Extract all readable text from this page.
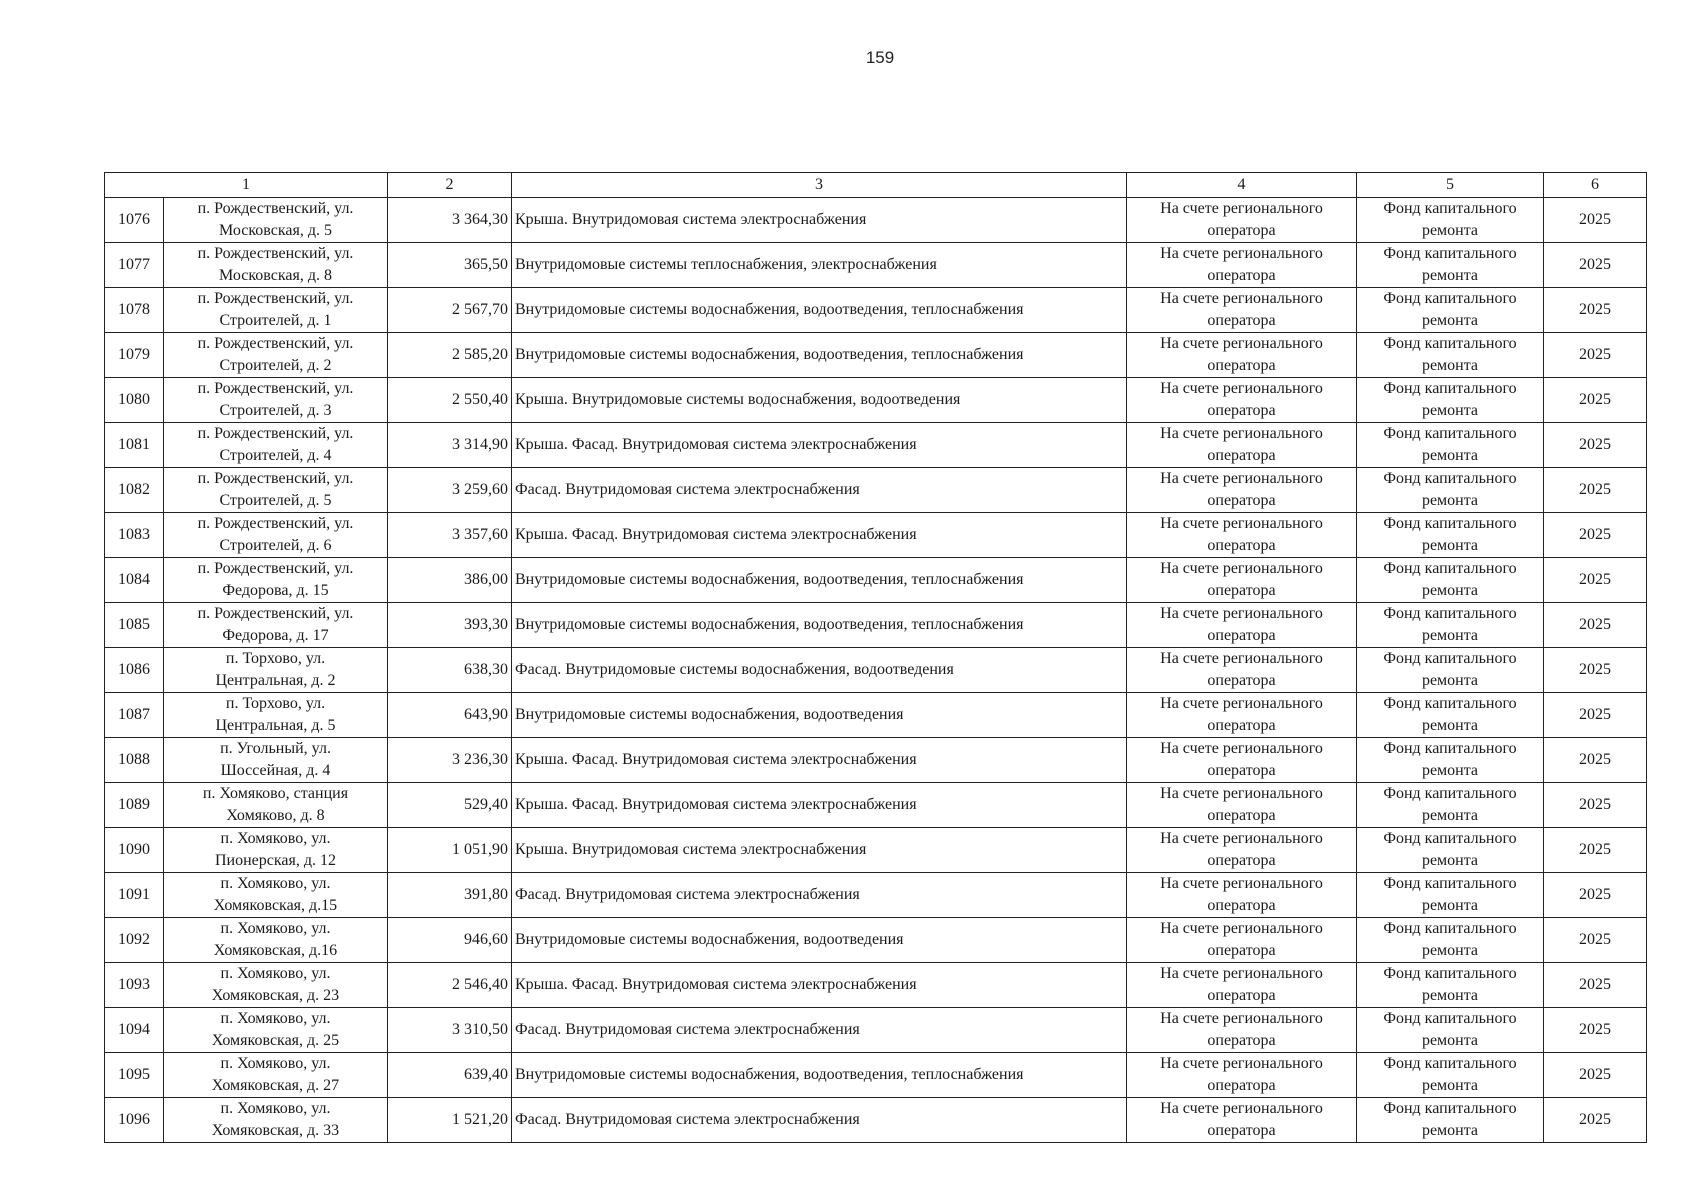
159
1		2	3	4	5	6
1076	п. Рождественский, ул.
Московская, д. 5	3 364,30	Крыша. Внутридомовая система электроснабжения	На счете регионального
оператора	Фонд капитального
ремонта	2025
1077	п. Рождественский, ул.
Московская, д. 8	365,50	Внутридомовые системы теплоснабжения, электроснабжения	На счете регионального
оператора	Фонд капитального
ремонта	2025
1078	п. Рождественский, ул.
Строителей, д. 1	2 567,70	Внутридомовые системы водоснабжения, водоотведения, теплоснабжения	На счете регионального
оператора	Фонд капитального
ремонта	2025
1079	п. Рождественский, ул.
Строителей, д. 2	2 585,20	Внутридомовые системы водоснабжения, водоотведения, теплоснабжения	На счете регионального
оператора	Фонд капитального
ремонта	2025
1080	п. Рождественский, ул.
Строителей, д. 3	2 550,40	Крыша. Внутридомовые системы водоснабжения, водоотведения	На счете регионального
оператора	Фонд капитального
ремонта	2025
1081	п. Рождественский, ул.
Строителей, д. 4	3 314,90	Крыша. Фасад. Внутридомовая система электроснабжения	На счете регионального
оператора	Фонд капитального
ремонта	2025
1082	п. Рождественский, ул.
Строителей, д. 5	3 259,60	Фасад. Внутридомовая система электроснабжения	На счете регионального
оператора	Фонд капитального
ремонта	2025
1083	п. Рождественский, ул.
Строителей, д. 6	3 357,60	Крыша. Фасад. Внутридомовая система электроснабжения	На счете регионального
оператора	Фонд капитального
ремонта	2025
1084	п. Рождественский, ул.
Федорова, д. 15	386,00	Внутридомовые системы водоснабжения, водоотведения, теплоснабжения	На счете регионального
оператора	Фонд капитального
ремонта	2025
1085	п. Рождественский, ул.
Федорова, д. 17	393,30	Внутридомовые системы водоснабжения, водоотведения, теплоснабжения	На счете регионального
оператора	Фонд капитального
ремонта	2025
1086	п. Торхово, ул.
Центральная, д. 2	638,30	Фасад. Внутридомовые системы водоснабжения, водоотведения	На счете регионального
оператора	Фонд капитального
ремонта	2025
1087	п. Торхово, ул.
Центральная, д. 5	643,90	Внутридомовые системы водоснабжения, водоотведения	На счете регионального
оператора	Фонд капитального
ремонта	2025
1088	п. Угольный, ул.
Шоссейная, д. 4	3 236,30	Крыша. Фасад. Внутридомовая система электроснабжения	На счете регионального
оператора	Фонд капитального
ремонта	2025
1089	п. Хомяково, станция
Хомяково, д. 8	529,40	Крыша. Фасад. Внутридомовая система электроснабжения	На счете регионального
оператора	Фонд капитального
ремонта	2025
1090	п. Хомяково, ул.
Пионерская, д. 12	1 051,90	Крыша. Внутридомовая система электроснабжения	На счете регионального
оператора	Фонд капитального
ремонта	2025
1091	п. Хомяково, ул.
Хомяковская, д.15	391,80	Фасад. Внутридомовая система электроснабжения	На счете регионального
оператора	Фонд капитального
ремонта	2025
1092	п. Хомяково, ул.
Хомяковская, д.16	946,60	Внутридомовые системы водоснабжения, водоотведения	На счете регионального
оператора	Фонд капитального
ремонта	2025
1093	п. Хомяково, ул.
Хомяковская, д. 23	2 546,40	Крыша. Фасад. Внутридомовая система электроснабжения	На счете регионального
оператора	Фонд капитального
ремонта	2025
1094	п. Хомяково, ул.
Хомяковская, д. 25	3 310,50	Фасад. Внутридомовая система электроснабжения	На счете регионального
оператора	Фонд капитального
ремонта	2025
1095	п. Хомяково, ул.
Хомяковская, д. 27	639,40	Внутридомовые системы водоснабжения, водоотведения, теплоснабжения	На счете регионального
оператора	Фонд капитального
ремонта	2025
1096	п. Хомяково, ул.
Хомяковская, д. 33	1 521,20	Фасад. Внутридомовая система электроснабжения	На счете регионального
оператора	Фонд капитального
ремонта	2025
